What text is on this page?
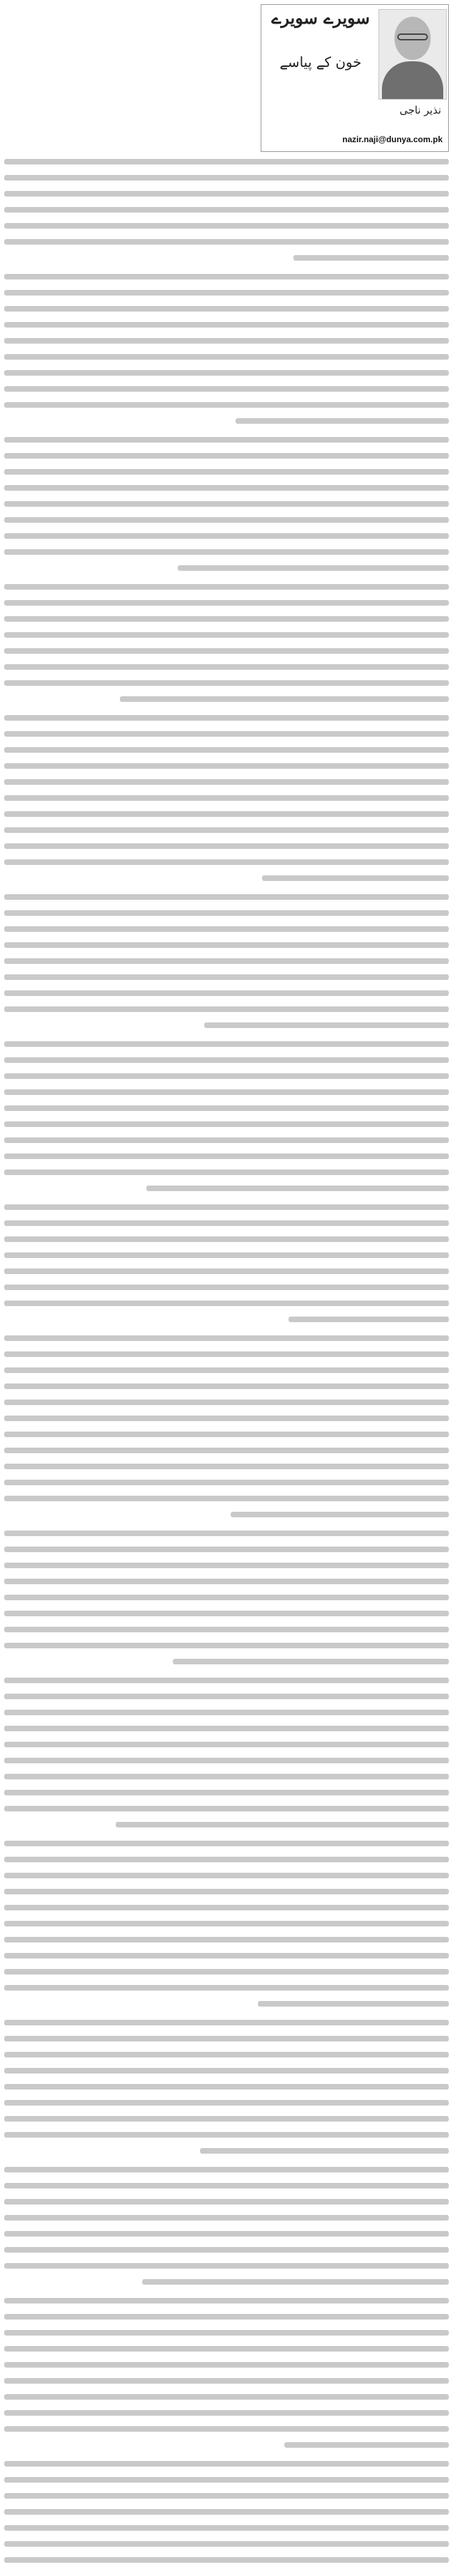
سویرے سویرے
خون کے پیاسے
نذیر ناجی
nazir.naji@dunya.com.pk
